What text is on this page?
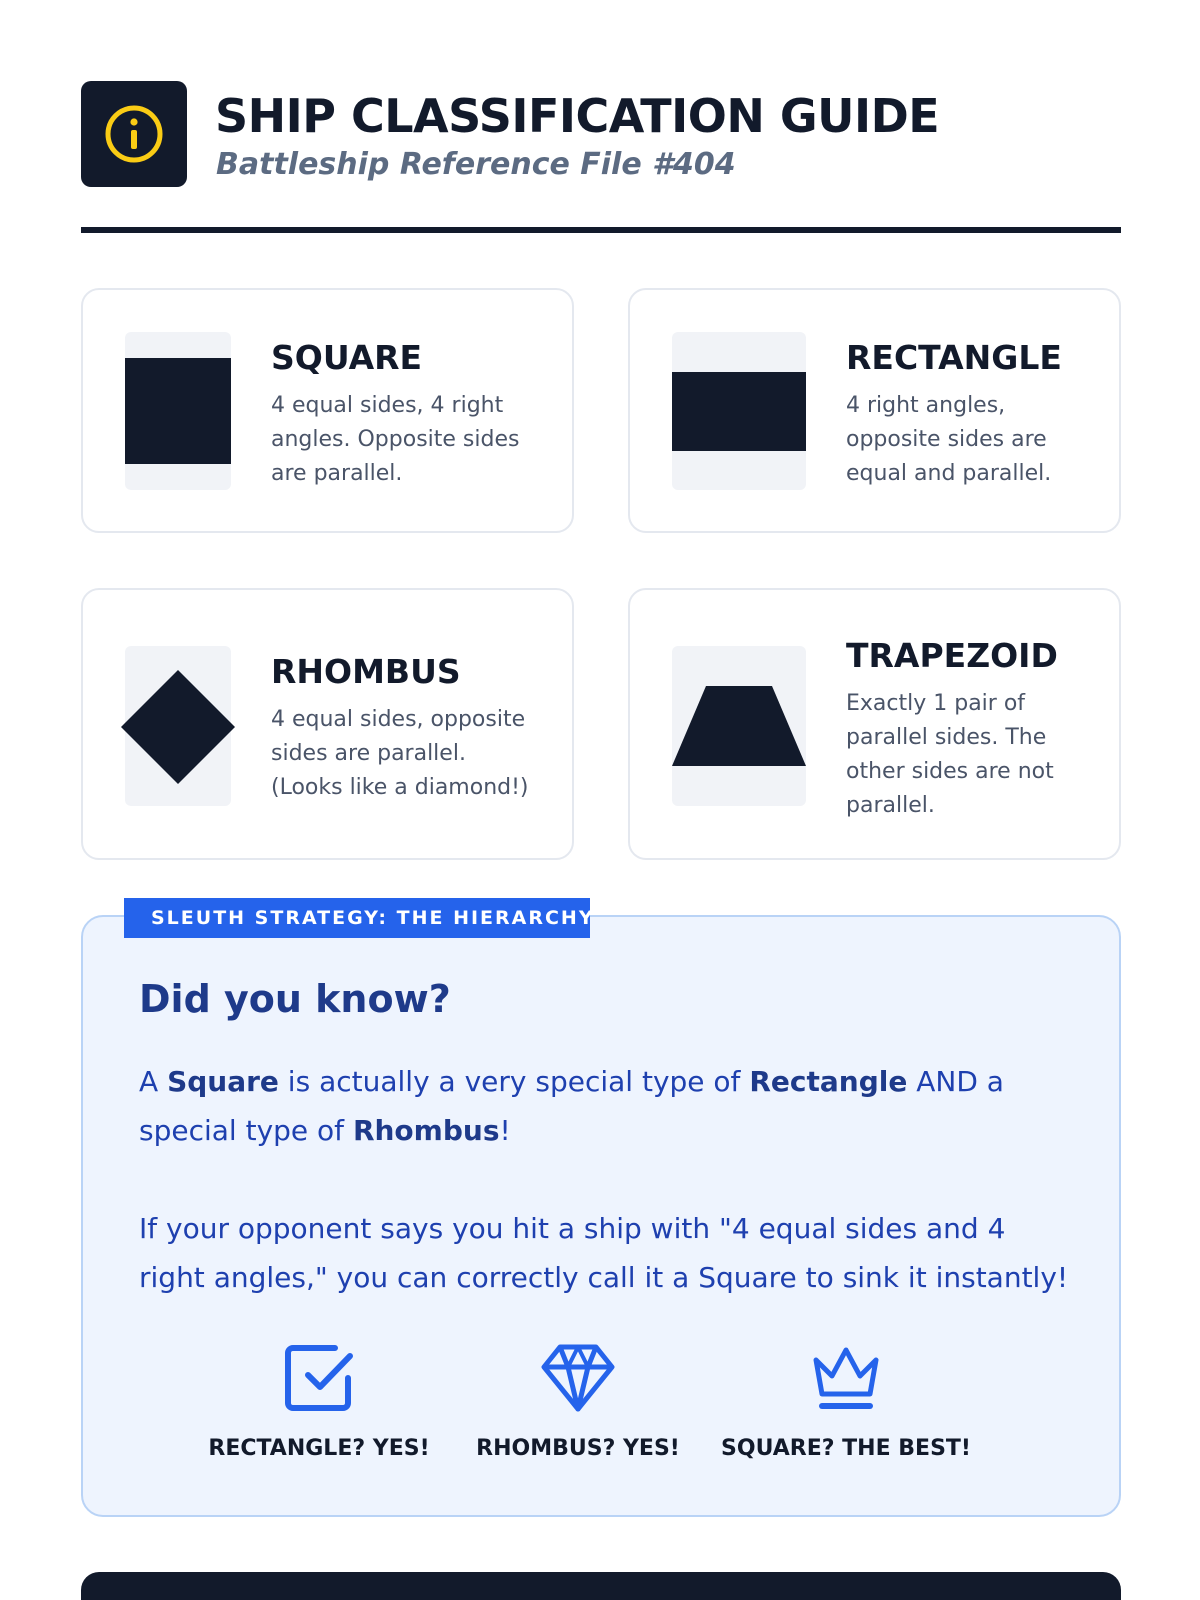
SHIP CLASSIFICATION GUIDE
Battleship Reference File #404
SQUARE
4 equal sides, 4 right angles. Opposite sides are parallel.
RECTANGLE
4 right angles, opposite sides are equal and parallel.
RHOMBUS
4 equal sides, opposite sides are parallel. (Looks like a diamond!)
TRAPEZOID
Exactly 1 pair of parallel sides. The other sides are not parallel.
Did you know?
A Square is actually a very special type of Rectangle AND a special type of Rhombus!
If your opponent says you hit a ship with "4 equal sides and 4 right angles," you can correctly call it a Square to sink it instantly!
RECTANGLE? YES!	RHOMBUS? YES!	SQUARE? THE BEST!
SLEUTH STRATEGY: THE HIERARCHY
